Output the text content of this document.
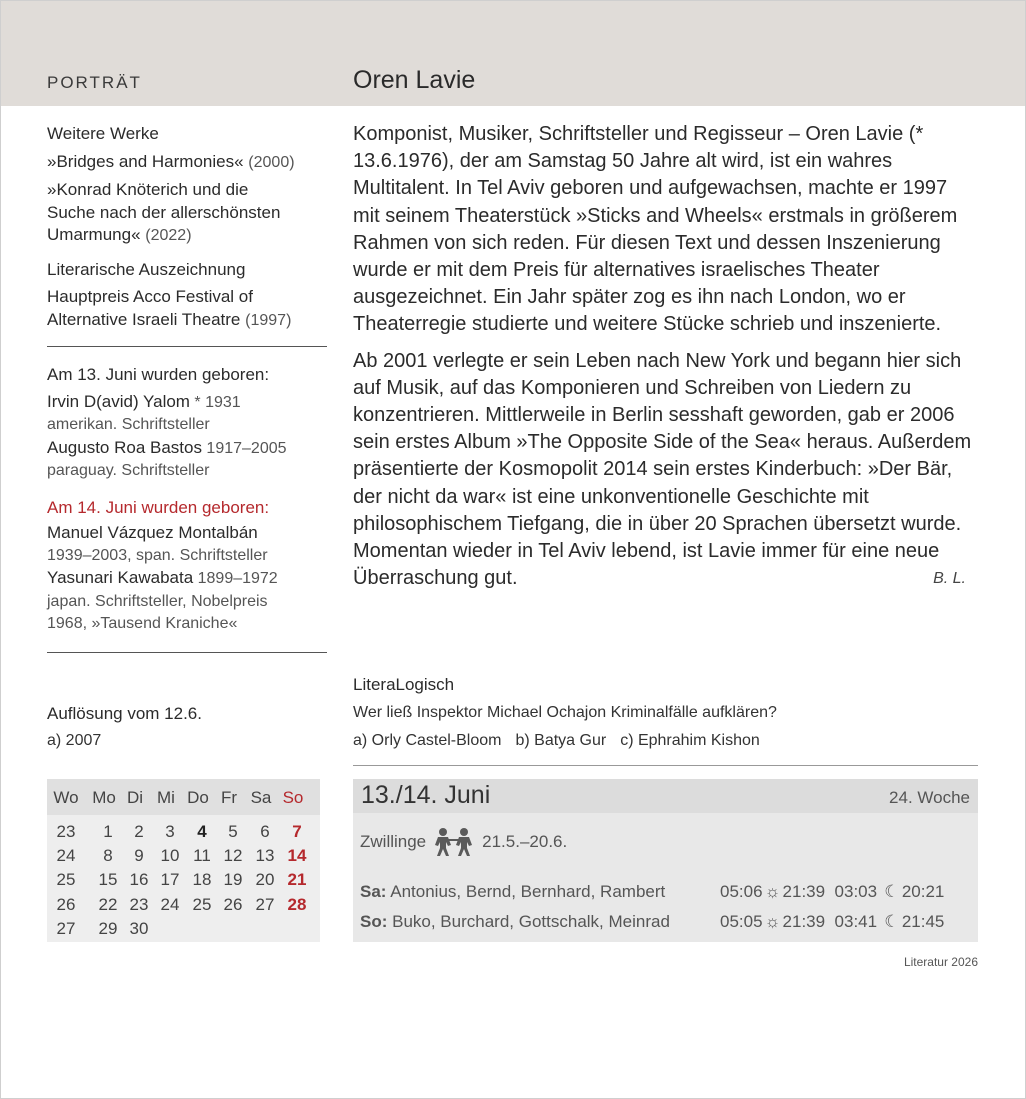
PORTRÄT	Oren Lavie
Weitere Werke
»Bridges and Harmonies« (2000)
»Konrad Knöterich und die
Suche nach der allerschönsten
Umarmung« (2022)
Literarische Auszeichnung
Hauptpreis Acco Festival of
Alternative Israeli Theatre (1997)
Am 13. Juni wurden geboren:
Irvin D(avid) Yalom * 1931
amerikan. Schriftsteller
Augusto Roa Bastos 1917–2005
paraguay. Schriftsteller
Am 14. Juni wurden geboren:
Manuel Vázquez Montalbán
1939–2003, span. Schriftsteller
Yasunari Kawabata 1899–1972
japan. Schriftsteller, Nobelpreis
1968, »Tausend Kraniche«

Komponist, Musiker, Schriftsteller und Regisseur – Oren Lavie (* 13.6.1976), der am Samstag 50 Jahre alt wird, ist ein wahres Multitalent. In Tel Aviv geboren und aufgewachsen, machte er 1997 mit seinem Theaterstück »Sticks and Wheels« erstmals in größerem Rahmen von sich reden. Für diesen Text und dessen Inszenierung wurde er mit dem Preis für alternatives israelisches Theater ausgezeichnet. Ein Jahr später zog es ihn nach London, wo er Theaterregie studierte und weitere Stücke schrieb und inszenierte.

Ab 2001 verlegte er sein Leben nach New York und begann hier sich auf Musik, auf das Komponieren und Schreiben von Liedern zu konzentrieren. Mittlerweile in Berlin sesshaft geworden, gab er 2006 sein erstes Album »The Opposite Side of the Sea« heraus. Außerdem präsentierte der Kosmopolit 2014 sein erstes Kinderbuch: »Der Bär, der nicht da war« ist eine unkonventionelle Geschichte mit philosophischem Tiefgang, die in über 20 Sprachen übersetzt wurde. Momentan wieder in Tel Aviv lebend, ist Lavie immer für eine neue Überraschung gut.	B. L.

LiteraLogisch
Wer ließ Inspektor Michael Ochajon Kriminalfälle aufklären?
a) Orly Castel-Bloom b) Batya Gur c) Ephrahim Kishon
Auflösung vom 12.6.
a) 2007
Wo Mo Di Mi Do Fr Sa So
23	1	2	3	4	5	6	7
24	8	9 10 11 12 13 14
25	15 16 17 18 19 20 21
26	22 23 24 25 26 27 28
27	29 30
13./14. Juni	24. Woche
Zwillinge	21.5.–20.6.
Sa: Antonius, Bernd, Bernhard, Rambert	05:06 ☼ 21:39 03:03 ☾ 20:21
So: Buko, Burchard, Gottschalk, Meinrad	05:05 ☼ 21:39 03:41 ☾ 21:45
Literatur 2026
